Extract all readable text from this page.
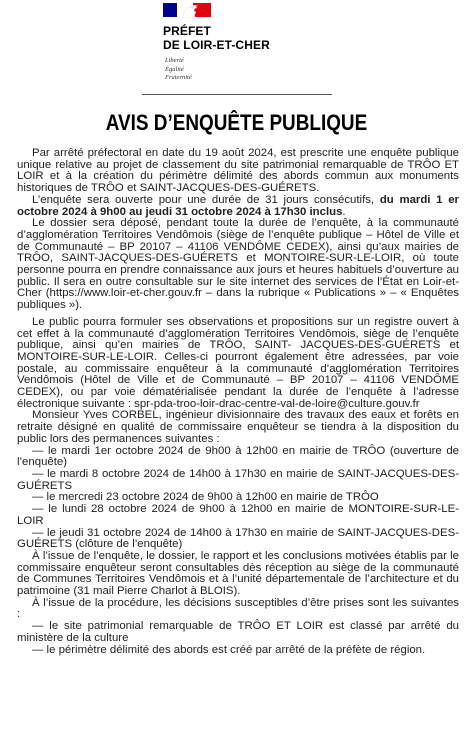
PRÉFET
DE LOIR-ET-CHER
Liberté
Égalité
Fraternité
AVIS D’ENQUÊTE PUBLIQUE

Par arrêté préfectoral en date du 19 août 2024, est prescrite une enquête publique unique relative au projet de classement du site patrimonial remarquable de TRÔO ET LOIR et à la création du périmètre délimité des abords commun aux monuments historiques de TRÔO et SAINT-JACQUES-DES-GUÉRETS.

L’enquête sera ouverte pour une durée de 31 jours consécutifs, du mardi 1 er octobre 2024 à 9h00 au jeudi 31 octobre 2024 à 17h30 inclus.

Le dossier sera déposé, pendant toute la durée de l’enquête, à la communauté d’agglomération Territoires Vendômois (siège de l’enquête publique – Hôtel de Ville et de Communauté – BP 20107 – 41106 VENDÔME CEDEX), ainsi qu’aux mairies de TRÔO, SAINT-JACQUES-DES-GUÉRETS et MONTOIRE-SUR-LE-LOIR, où toute personne pourra en prendre connaissance aux jours et heures habituels d’ouverture au public. Il sera en outre consultable sur le site internet des services de l’État en Loir-et-Cher (https://www.loir-et-cher.gouv.fr – dans la rubrique « Publications » – « Enquêtes publiques »).

Le public pourra formuler ses observations et propositions sur un registre ouvert à cet effet à la communauté d’agglomération Territoires Vendômois, siège de l’enquête publique, ainsi qu’en mairies de TRÔO, SAINT- JACQUES-DES-GUÉRETS et MONTOIRE-SUR-LE-LOIR. Celles-ci pourront également être adressées, par voie postale, au commissaire enquêteur à la communauté d’agglomération Territoires Vendômois (Hôtel de Ville et de Communauté – BP 20107 – 41106 VENDÔME CEDEX), ou par voie dématérialisée pendant la durée de l’enquête à l’adresse électronique suivante : spr-pda-troo-loir-drac-centre-val-de-loire@culture.gouv.fr

Monsieur Yves CORBEL, ingénieur divisionnaire des travaux des eaux et forêts en retraite désigné en qualité de commissaire enquêteur se tiendra à la disposition du public lors des permanences suivantes :

— le mardi 1er octobre 2024 de 9h00 à 12h00 en mairie de TRÔO (ouverture de l’enquête)

— le mardi 8 octobre 2024 de 14h00 à 17h30 en mairie de SAINT-JACQUES-DES-GUÉRETS

— le mercredi 23 octobre 2024 de 9h00 à 12h00 en mairie de TRÔO

— le lundi 28 octobre 2024 de 9h00 à 12h00 en mairie de MONTOIRE-SUR-LE-LOIR

— le jeudi 31 octobre 2024 de 14h00 à 17h30 en mairie de SAINT-JACQUES-DES-GUÉRETS (clôture de l’enquête)

À l’issue de l’enquête, le dossier, le rapport et les conclusions motivées établis par le commissaire enquêteur seront consultables dès réception au siège de la communauté de Communes Territoires Vendômois et à l’unité départementale de l’architecture et du patrimoine (31 mail Pierre Charlot à BLOIS).

À l’issue de la procédure, les décisions susceptibles d’être prises sont les suivantes :

— le site patrimonial remarquable de TRÔO ET LOIR est classé par arrêté du ministère de la culture

— le périmètre délimité des abords est créé par arrêté de la préfète de région.
